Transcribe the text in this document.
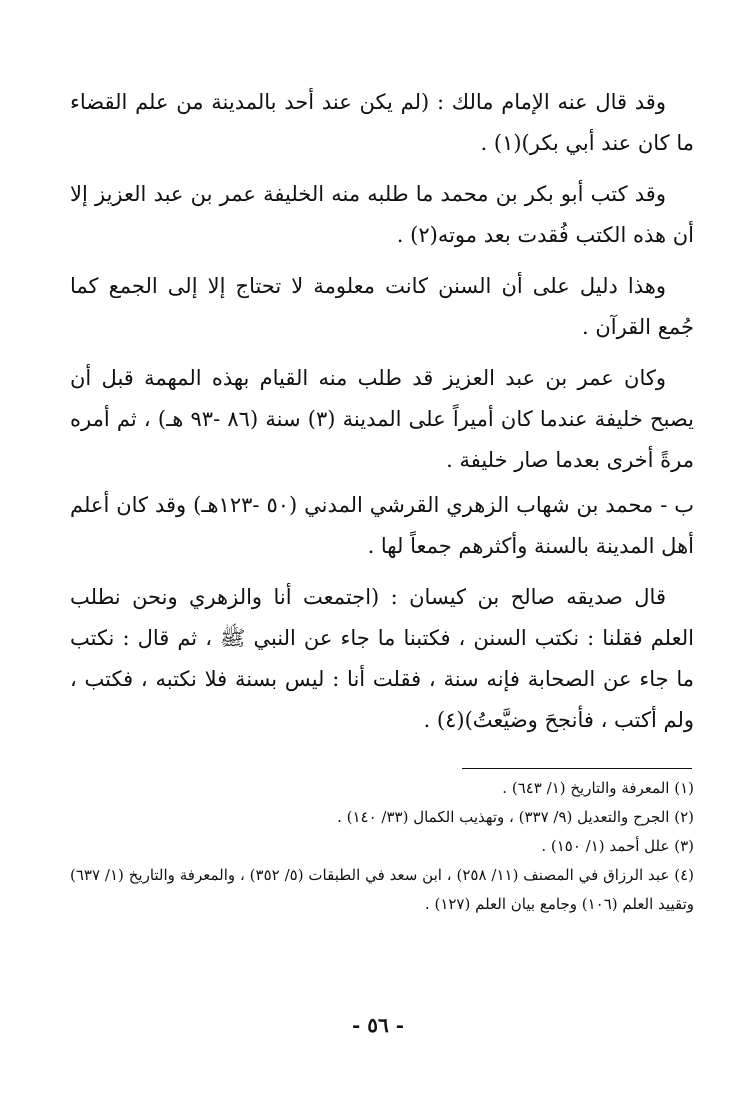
وقد قال عنه الإمام مالك : (لم يكن عند أحد بالمدينة من علم القضاء ما كان عند أبي بكر)(١) .

وقد كتب أبو بكر بن محمد ما طلبه منه الخليفة عمر بن عبد العزيز إلا أن هذه الكتب فُقدت بعد موته(٢) .

وهذا دليل على أن السنن كانت معلومة لا تحتاج إلا إلى الجمع كما جُمع القرآن .

وكان عمر بن عبد العزيز قد طلب منه القيام بهذه المهمة قبل أن يصبح خليفة عندما كان أميراً على المدينة (٣) سنة (٨٦ -٩٣ هـ) ، ثم أمره مرةً أخرى بعدما صار خليفة .

ب - محمد بن شهاب الزهري القرشي المدني (٥٠ -١٢٣هـ) وقد كان أعلم أهل المدينة بالسنة وأكثرهم جمعاً لها .

قال صديقه صالح بن كيسان : (اجتمعت أنا والزهري ونحن نطلب العلم فقلنا : نكتب السنن ، فكتبنا ما جاء عن النبي ﷺ ، ثم قال : نكتب ما جاء عن الصحابة فإنه سنة ، فقلت أنا : ليس بسنة فلا نكتبه ، فكتب ، ولم أكتب ، فأنجحَ وضيَّعتُ)(٤) .

(١) المعرفة والتاريخ (١/ ٦٤٣) .

(٢) الجرح والتعديل (٩/ ٣٣٧) ، وتهذيب الكمال (٣٣/ ١٤٠) .

(٣) علل أحمد (١/ ١٥٠) .

(٤) عبد الرزاق في المصنف (١١/ ٢٥٨) ، ابن سعد في الطبقات (٥/ ٣٥٢) ، والمعرفة والتاريخ (١/ ٦٣٧) وتقييد العلم (١٠٦) وجامع بيان العلم (١٢٧) .

- ٥٦ -
